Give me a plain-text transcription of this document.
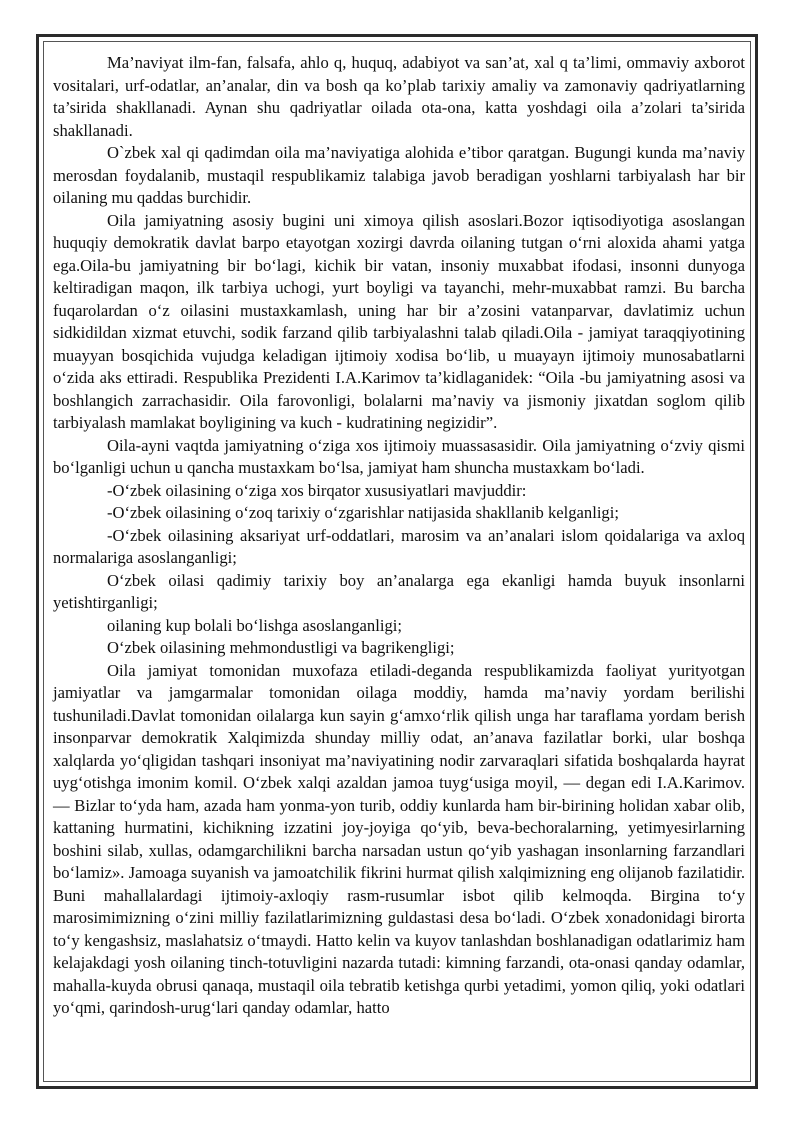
Ma’naviyat ilm-fan, falsafa, ahlo q, huquq, adabiyot va san’at, xal q ta’limi, ommaviy axborot vositalari, urf-odatlar, an’analar, din va bosh qa ko’plab tarixiy amaliy va zamonaviy qadriyatlarning ta’sirida shakllanadi. Aynan shu qadriyatlar oilada ota-ona, katta yoshdagi oila a’zolari ta’sirida shakllanadi.

O`zbek xal qi qadimdan oila ma’naviyatiga alohida e’tibor qaratgan. Bugungi kunda ma’naviy merosdan foydalanib, mustaqil respublikamiz talabiga javob beradigan yoshlarni tarbiyalash har bir oilaning mu qaddas burchidir.

Oila jamiyatning asosiy bugini uni ximoya qilish asoslari.Bozor iqtisodiyotiga asoslangan huquqiy demokratik davlat barpo etayotgan xozirgi davrda oilaning tutgan o‘rni aloxida ahami yatga ega.Oila-bu jamiyatning bir bo‘lagi, kichik bir vatan, insoniy muxabbat ifodasi, insonni dunyoga keltiradigan maqon, ilk tarbiya uchogi, yurt boyligi va tayanchi, mehr-muxabbat ramzi. Bu barcha fuqarolardan o‘z oilasini mustaxkamlash, uning har bir a’zosini vatanparvar, davlatimiz uchun sidkidildan xizmat etuvchi, sodik farzand qilib tarbiyalashni talab qiladi.Oila - jamiyat taraqqiyotining muayyan bosqichida vujudga keladigan ijtimoiy xodisa bo‘lib, u muayayn ijtimoiy munosabatlarni o‘zida aks ettiradi. Respublika Prezidenti I.A.Karimov ta’kidlaganidek: “Oila -bu jamiyatning asosi va boshlangich zarrachasidir. Oila farovonligi, bolalarni ma’naviy va jismoniy jixatdan soglom qilib tarbiyalash mamlakat boyligining va kuch - kudratining negizidir”.

Oila-ayni vaqtda jamiyatning o‘ziga xos ijtimoiy muassasasidir. Oila jamiyatning o‘zviy qismi bo‘lganligi uchun u qancha mustaxkam bo‘lsa, jamiyat ham shuncha mustaxkam bo‘ladi.

-O‘zbek oilasining o‘ziga xos birqator xususiyatlari mavjuddir:

-O‘zbek oilasining o‘zoq tarixiy o‘zgarishlar natijasida shakllanib kelganligi;

-O‘zbek oilasining aksariyat urf-oddatlari, marosim va an’analari islom qoidalariga va axloq normalariga asoslanganligi;

O‘zbek oilasi qadimiy tarixiy boy an’analarga ega ekanligi hamda buyuk insonlarni yetishtirganligi;

oilaning kup bolali bo‘lishga asoslanganligi;

O‘zbek oilasining mehmondustligi va bagrikengligi;

Oila jamiyat tomonidan muxofaza etiladi-deganda respublikamizda faoliyat yurityotgan jamiyatlar va jamgarmalar tomonidan oilaga moddiy, hamda ma’naviy yordam berilishi tushuniladi.Davlat tomonidan oilalarga kun sayin g‘amxo‘rlik qilish unga har taraflama yordam berish insonparvar demokratik Xalqimizda shunday milliy odat, an’anava fazilatlar borki, ular boshqa xalqlarda yo‘qligidan tashqari insoniyat ma’naviyatining nodir zarvaraqlari sifatida boshqalarda hayrat uyg‘otishga imonim komil. O‘zbek xalqi azaldan jamoa tuyg‘usiga moyil, — degan edi I.A.Karimov. — Bizlar to‘yda ham, azada ham yonma-yon turib, oddiy kunlarda ham bir-birining holidan xabar olib, kattaning hurmatini, kichikning izzatini joy-joyiga qo‘yib, beva-bechoralarning, yetimyesirlarning boshini silab, xullas, odamgarchilikni barcha narsadan ustun qo‘yib yashagan insonlarning farzandlari bo‘lamiz». Jamoaga suyanish va jamoatchilik fikrini hurmat qilish xalqimizning eng olijanob fazilatidir. Buni mahallalardagi ijtimoiy-axloqiy rasm-rusumlar isbot qilib kelmoqda. Birgina to‘y marosimimizning o‘zini milliy fazilatlarimizning guldastasi desa bo‘ladi. O‘zbek xonadonidagi birorta to‘y kengashsiz, maslahatsiz o‘tmaydi. Hatto kelin va kuyov tanlashdan boshlanadigan odatlarimiz ham kelajakdagi yosh oilaning tinch-totuvligini nazarda tutadi: kimning farzandi, ota-onasi qanday odamlar, mahalla-kuyda obrusi qanaqa, mustaqil oila tebratib ketishga qurbi yetadimi, yomon qiliq, yoki odatlari yo‘qmi, qarindosh-urug‘lari qanday odamlar, hatto
